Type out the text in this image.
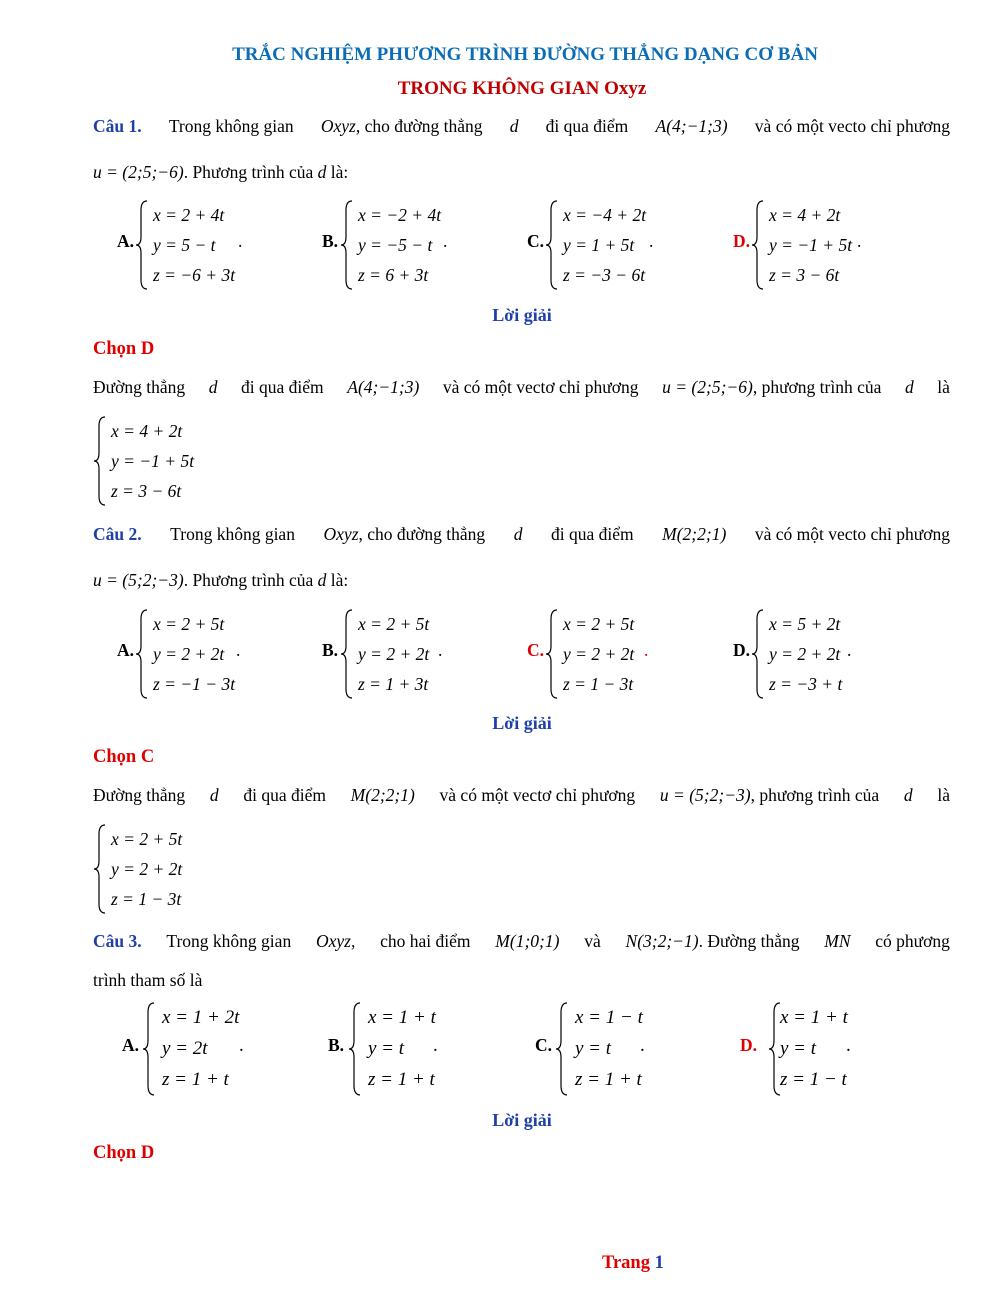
TRẮC NGHIỆM PHƯƠNG TRÌNH ĐƯỜNG THẲNG DẠNG CƠ BẢN
TRONG KHÔNG GIAN Oxyz
Câu 1. Trong không gian Oxyz, cho đường thẳng d đi qua điểm A(4;−1;3) và có một vecto chỉ phương
u = (2;5;−6). Phương trình của d là:
A.
x = 2 + 4t
y = 5 − t
z = −6 + 3t
.	B.
x = −2 + 4t
y = −5 − t
z = 6 + 3t
.	C.
x = −4 + 2t
y = 1 + 5t
z = −3 − 6t
.	D.
x = 4 + 2t
y = −1 + 5t
z = 3 − 6t
.
Lời giải
Chọn D
Đường thẳng d đi qua điểm A(4;−1;3) và có một vectơ chỉ phương u = (2;5;−6), phương trình của d là
x = 4 + 2t
y = −1 + 5t
z = 3 − 6t
Câu 2. Trong không gian Oxyz, cho đường thẳng d đi qua điểm M(2;2;1) và có một vecto chỉ phương
u = (5;2;−3). Phương trình của d là:
A.
x = 2 + 5t
y = 2 + 2t
z = −1 − 3t
.	B.
x = 2 + 5t
y = 2 + 2t
z = 1 + 3t
.	C.
x = 2 + 5t
y = 2 + 2t
z = 1 − 3t
.	D.
x = 5 + 2t
y = 2 + 2t
z = −3 + t
.
Lời giải
Chọn C
Đường thẳng d đi qua điểm M(2;2;1) và có một vectơ chỉ phương u = (5;2;−3), phương trình của d là
x = 2 + 5t
y = 2 + 2t
z = 1 − 3t
Câu 3. Trong không gian Oxyz, cho hai điểm M(1;0;1) và N(3;2;−1). Đường thẳng MN có phương
trình tham số là
A.
x = 1 + 2t
y = 2t
z = 1 + t
.	B.
x = 1 + t
y = t
z = 1 + t
.	C.
x = 1 − t
y = t
z = 1 + t
.	D.
x = 1 + t
y = t
z = 1 − t
.
Lời giải
Chọn D
Trang 1
